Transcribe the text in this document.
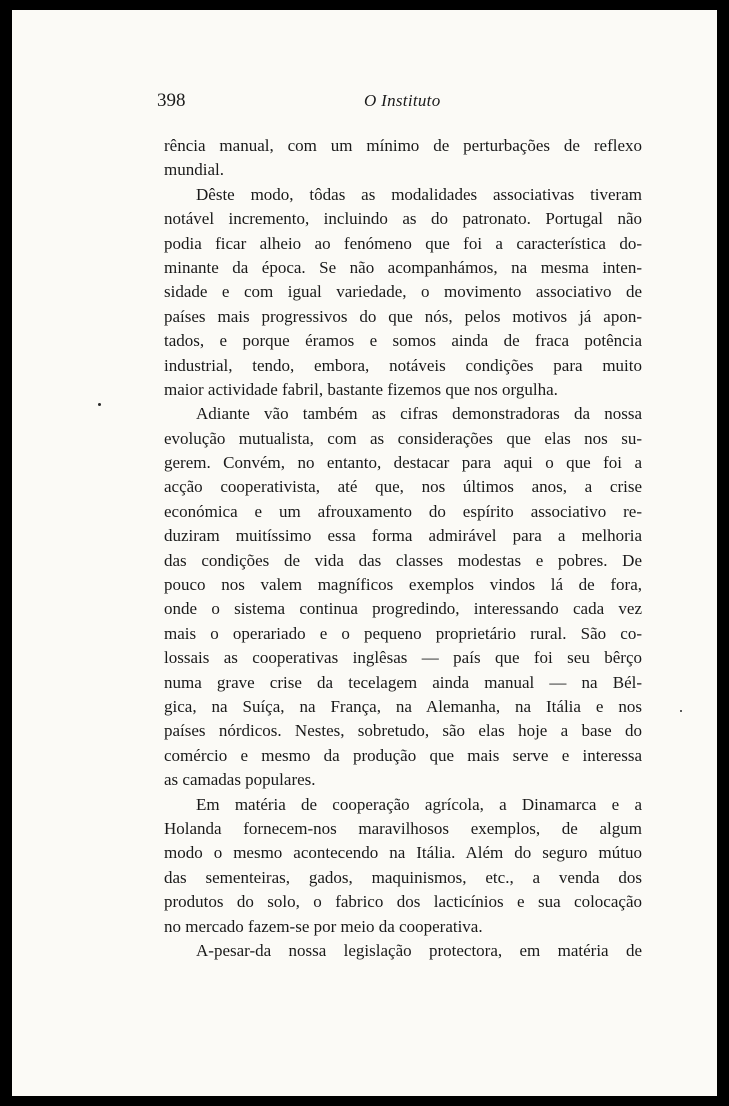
398	O Instituto
rência manual, com um mínimo de perturbações de reflexo
mundial.
Dêste modo, tôdas as modalidades associativas tiveram
notável incremento, incluindo as do patronato. Portugal não
podia ficar alheio ao fenómeno que foi a característica do-
minante da época. Se não acompanhámos, na mesma inten-
sidade e com igual variedade, o movimento associativo de
países mais progressivos do que nós, pelos motivos já apon-
tados, e porque éramos e somos ainda de fraca potência
industrial, tendo, embora, notáveis condições para muito
maior actividade fabril, bastante fizemos que nos orgulha.
Adiante vão também as cifras demonstradoras da nossa
evolução mutualista, com as considerações que elas nos su-
gerem. Convém, no entanto, destacar para aqui o que foi a
acção cooperativista, até que, nos últimos anos, a crise
económica e um afrouxamento do espírito associativo re-
duziram muitíssimo essa forma admirável para a melhoria
das condições de vida das classes modestas e pobres. De
pouco nos valem magníficos exemplos vindos lá de fora,
onde o sistema continua progredindo, interessando cada vez
mais o operariado e o pequeno proprietário rural. São co-
lossais as cooperativas inglêsas — país que foi seu bêrço
numa grave crise da tecelagem ainda manual — na Bél-
gica, na Suíça, na França, na Alemanha, na Itália e nos
países nórdicos. Nestes, sobretudo, são elas hoje a base do
comércio e mesmo da produção que mais serve e interessa
as camadas populares.
Em matéria de cooperação agrícola, a Dinamarca e a
Holanda fornecem-nos maravilhosos exemplos, de algum
modo o mesmo acontecendo na Itália. Além do seguro mútuo
das sementeiras, gados, maquinismos, etc., a venda dos
produtos do solo, o fabrico dos lacticínios e sua colocação
no mercado fazem-se por meio da cooperativa.
A-pesar-da nossa legislação protectora, em matéria de
